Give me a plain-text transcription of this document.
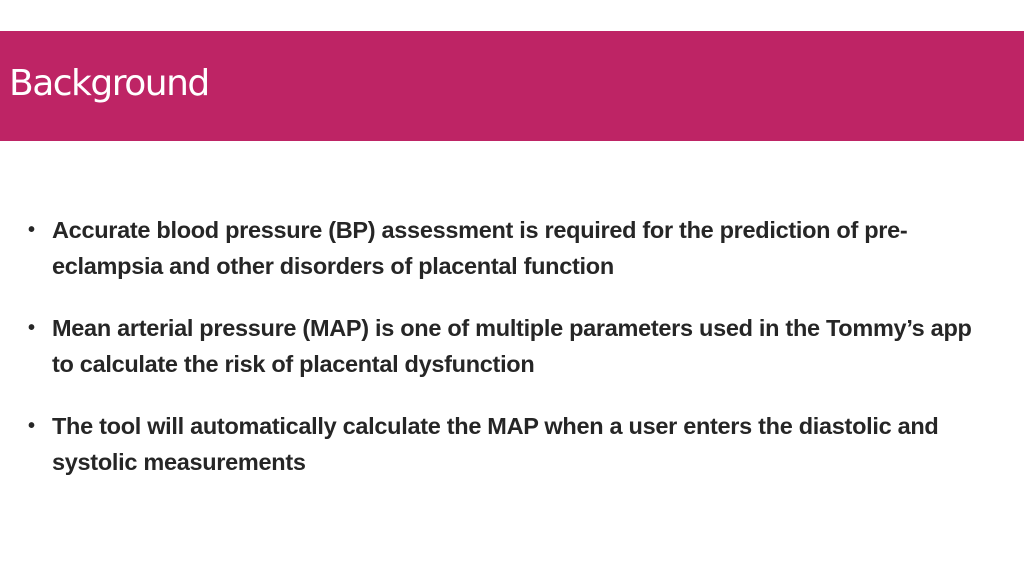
Background
• Accurate blood pressure (BP) assessment is required for the prediction of pre-eclampsia and other disorders of placental function
• Mean arterial pressure (MAP) is one of multiple parameters used in the Tommy’s app to calculate the risk of placental dysfunction
• The tool will automatically calculate the MAP when a user enters the diastolic and systolic measurements
